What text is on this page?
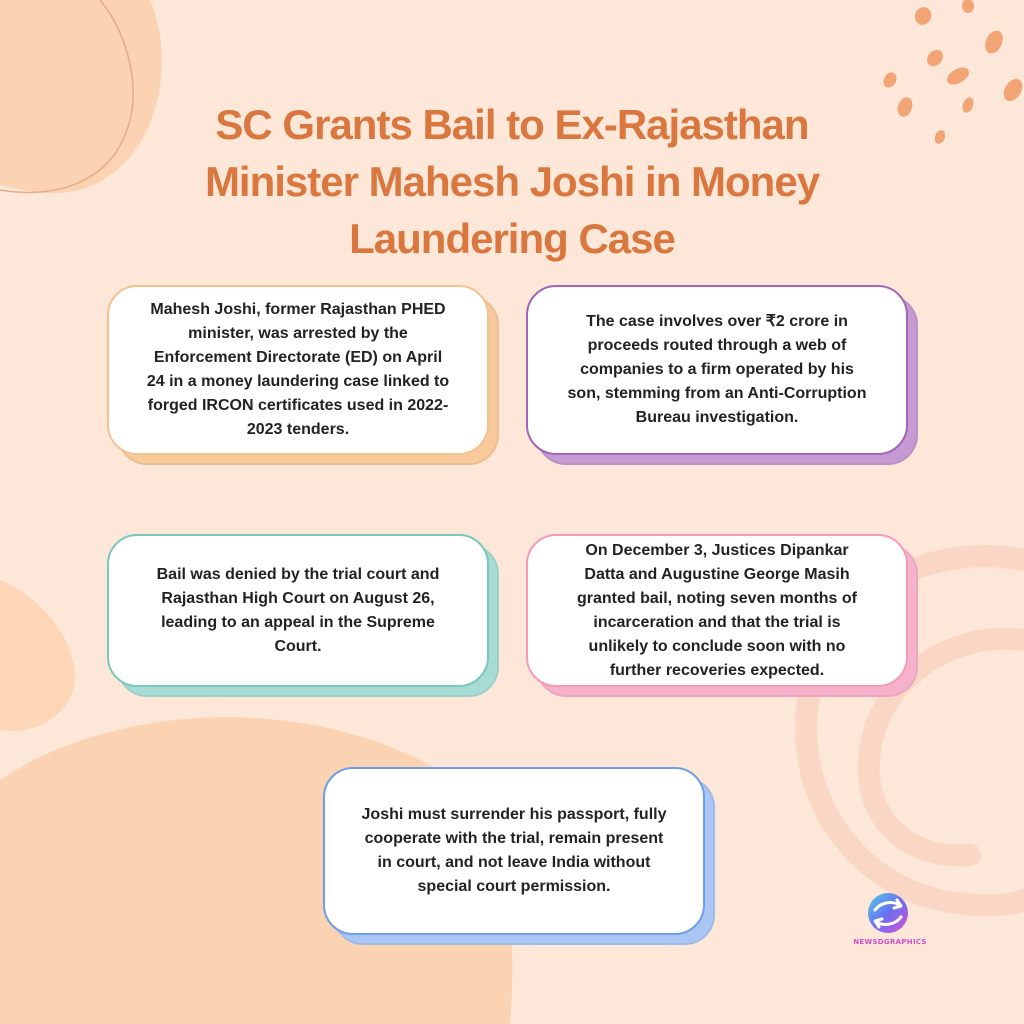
SC Grants Bail to Ex-Rajasthan Minister Mahesh Joshi in Money Laundering Case
Mahesh Joshi, former Rajasthan PHED minister, was arrested by the Enforcement Directorate (ED) on April 24 in a money laundering case linked to forged IRCON certificates used in 2022-2023 tenders.
The case involves over ₹2 crore in proceeds routed through a web of companies to a firm operated by his son, stemming from an Anti-Corruption Bureau investigation.
Bail was denied by the trial court and Rajasthan High Court on August 26, leading to an appeal in the Supreme Court.
On December 3, Justices Dipankar Datta and Augustine George Masih granted bail, noting seven months of incarceration and that the trial is unlikely to conclude soon with no further recoveries expected.
Joshi must surrender his passport, fully cooperate with the trial, remain present in court, and not leave India without special court permission.
NEWSDGRAPHICS
